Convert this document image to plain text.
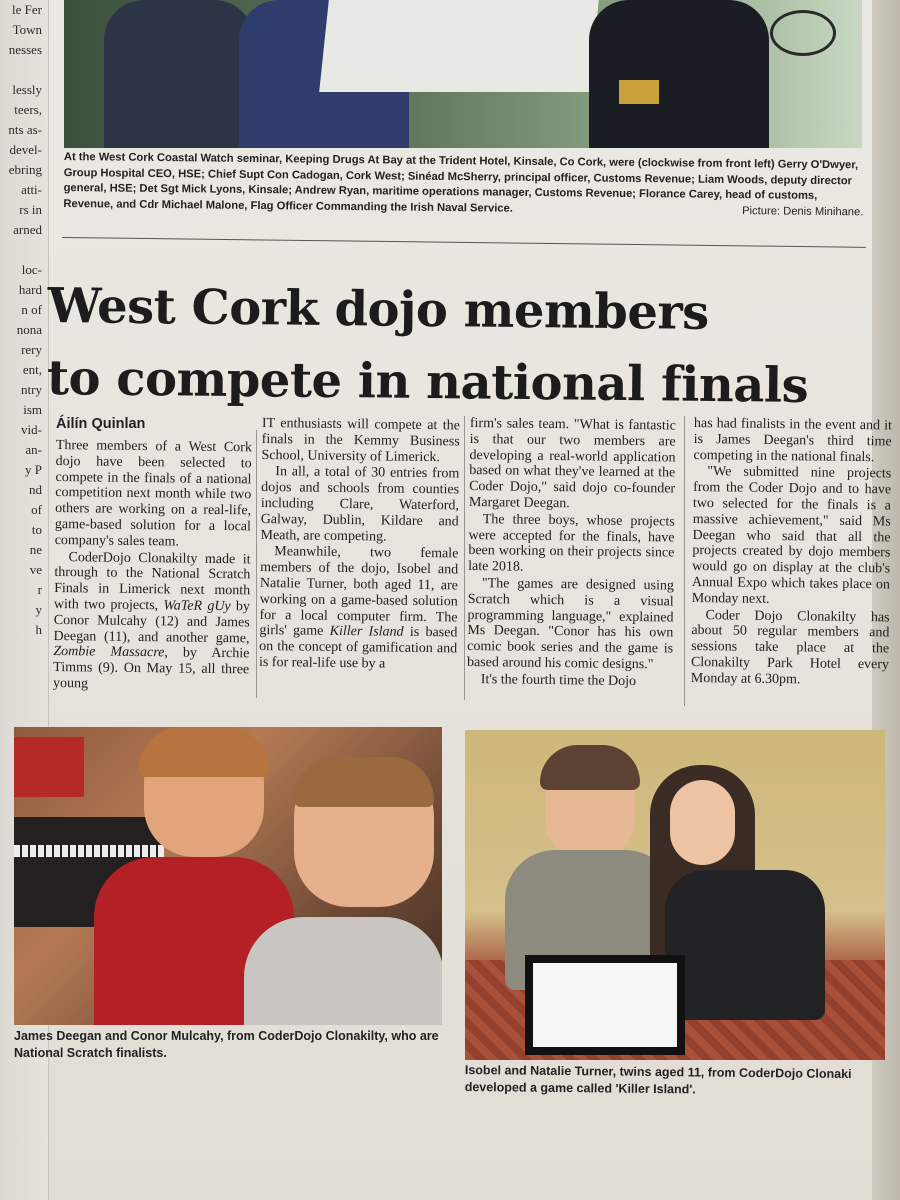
le Fer
Town
nesses

lessly
teers,
nts as-
devel-
ebring
atti-
rs in
arned

loc-
hard
n of
nona
rery
ent,
ntry
ism
vid-
an-
y P
nd
of
to
ne
ve
r
y
h
At the West Cork Coastal Watch seminar, Keeping Drugs At Bay at the Trident Hotel, Kinsale, Co Cork, were (clockwise from front left) Gerry O'Dwyer, Group Hospital CEO, HSE; Chief Supt Con Cadogan, Cork West; Sinéad McSherry, principal officer, Customs Revenue; Liam Woods, deputy director general, HSE; Det Sgt Mick Lyons, Kinsale; Andrew Ryan, maritime operations manager, Customs Revenue; Florance Carey, head of customs, Revenue, and Cdr Michael Malone, Flag Officer Commanding the Irish Naval Service.	Picture: Denis Minihane.
West Cork dojo members
to compete in national finals
Áilín Quinlan

Three members of a West Cork dojo have been selected to compete in the finals of a national competition next month while two others are working on a real-life, game-based solution for a local company's sales team.

CoderDojo Clonakilty made it through to the National Scratch Finals in Limerick next month with two projects, WaTeR gUy by Conor Mulcahy (12) and James Deegan (11), and another game, Zombie Massacre, by Archie Timms (9). On May 15, all three young

IT enthusiasts will compete at the finals in the Kemmy Business School, University of Limerick.

In all, a total of 30 entries from dojos and schools from counties including Clare, Waterford, Galway, Dublin, Kildare and Meath, are competing.

Meanwhile, two female members of the dojo, Isobel and Natalie Turner, both aged 11, are working on a game-based solution for a local computer firm. The girls' game Killer Island is based on the concept of gamification and is for real-life use by a

firm's sales team. "What is fantastic is that our two members are developing a real-world application based on what they've learned at the Coder Dojo," said dojo co-founder Margaret Deegan.

The three boys, whose projects were accepted for the finals, have been working on their projects since late 2018.

"The games are designed using Scratch which is a visual programming language," explained Ms Deegan. "Conor has his own comic book series and the game is based around his comic designs."

It's the fourth time the Dojo

has had finalists in the event and it is James Deegan's third time competing in the national finals.

"We submitted nine projects from the Coder Dojo and to have two selected for the finals is a massive achievement," said Ms Deegan who said that all the projects created by dojo members would go on display at the club's Annual Expo which takes place on Monday next.

Coder Dojo Clonakilty has about 50 regular members and sessions take place at the Clonakilty Park Hotel every Monday at 6.30pm.

James Deegan and Conor Mulcahy, from CoderDojo Clonakilty, who are National Scratch finalists.
Isobel and Natalie Turner, twins aged 11, from CoderDojo Clonaki developed a game called 'Killer Island'.
